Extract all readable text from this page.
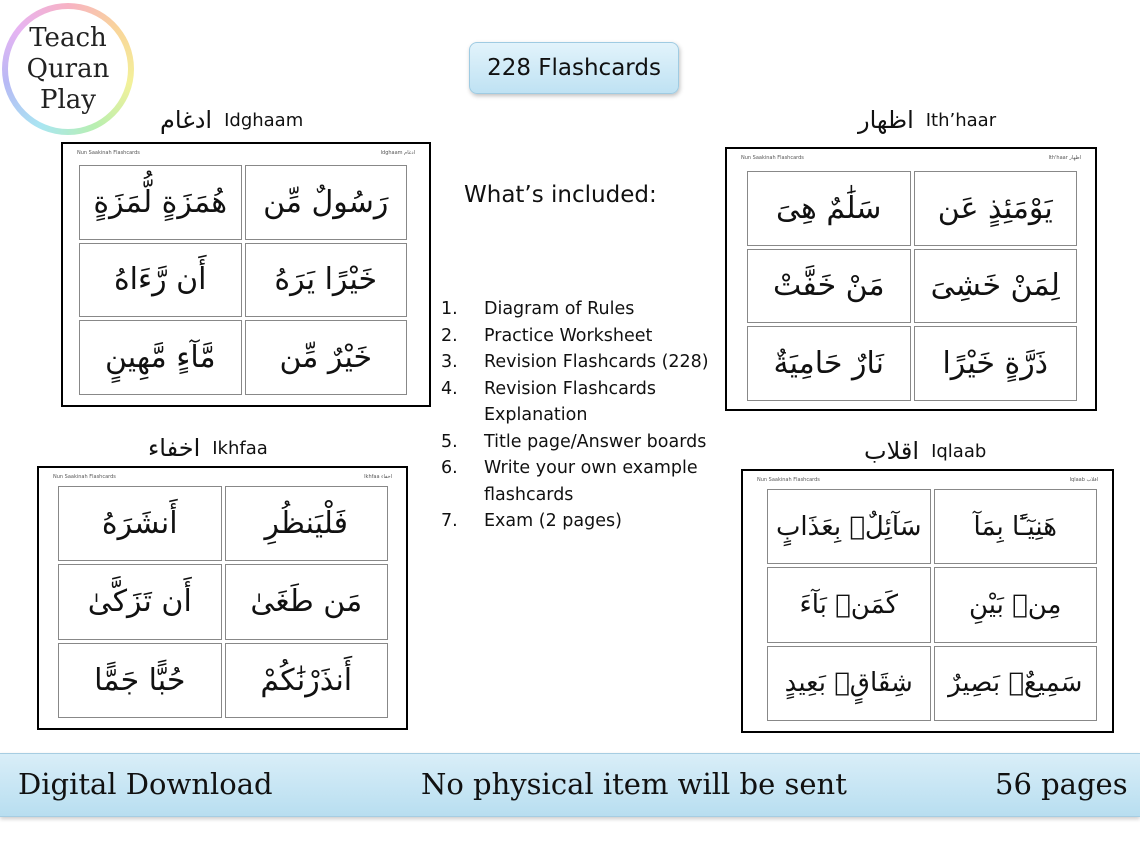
Teach
Quran
Play
228 Flashcards
ادغام Idghaam
Nun Saakinah Flashcards	Idghaam ادغام
رَسُولٌ مِّن
هُمَزَةٍ لُّمَزَةٍ
خَيْرًا يَرَهُ
أَن رَّءَاهُ
خَيْرٌ مِّن
مَّآءٍ مَّهِينٍ
اظهار Ith’haar
Nun Saakinah Flashcards	Ith'haar اظهار
يَوْمَئِذٍ عَن
سَلَٰمٌ هِىَ
لِمَنْ خَشِىَ
مَنْ خَفَّتْ
ذَرَّةٍ خَيْرًا
نَارٌ حَامِيَةٌ
What’s included:
1.	Diagram of Rules
2.	Practice Worksheet
3.	Revision Flashcards (228)
4.	Revision Flashcards Explanation
5.	Title page/Answer boards
6.	Write your own example flashcards
7.	Exam (2 pages)
اخفاء Ikhfaa
Nun Saakinah Flashcards	Ikhfaa اخفاء
فَلْيَنظُرِ
أَنشَرَهُ
مَن طَغَىٰ
أَن تَزَكَّىٰ
أَنذَرْنَٰكُمْ
حُبًّا جَمًّا
اقلاب Iqlaab
Nun Saakinah Flashcards	Iqlaab اقلاب
هَنِيٓـًٔا بِمَآ
سَآئِلٌۢ بِعَذَابٍ
مِنۢ بَيْنِ
كَمَنۢ بَآءَ
سَمِيعٌۢ بَصِيرٌ
شِقَاقٍۢ بَعِيدٍ
Digital Download	No physical item will be sent	56 pages
